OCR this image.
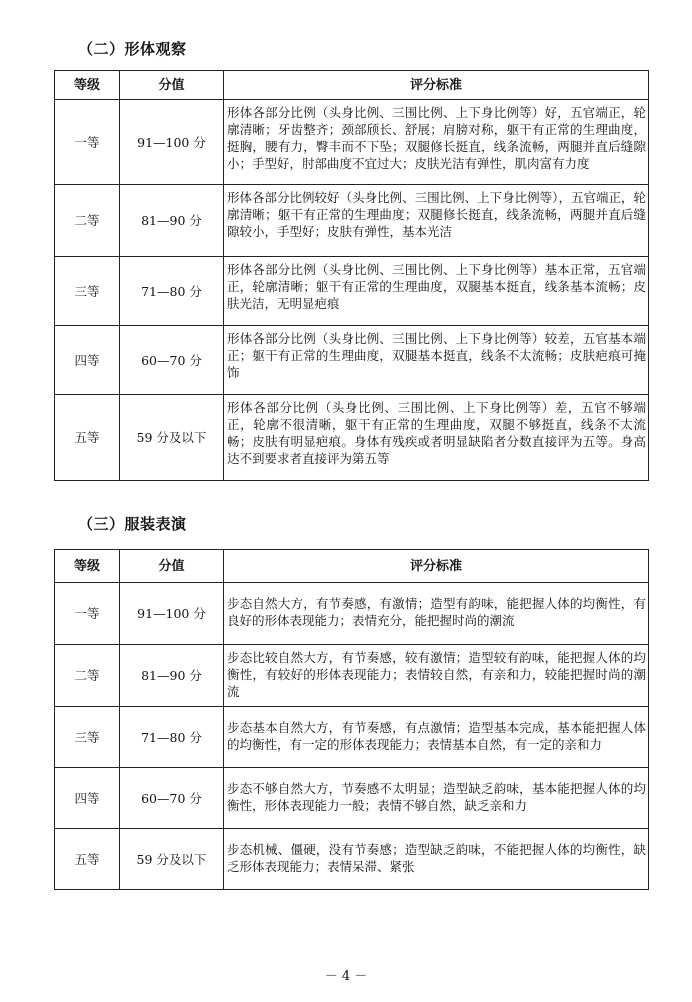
（二）形体观察
等级	分值	评分标准
一等	91—100 分	形体各部分比例（头身比例、三围比例、上下身比例等）好，五官端正，轮廓清晰；牙齿整齐；颈部颀长、舒展；肩膀对称，躯干有正常的生理曲度，挺胸，腰有力，臀丰而不下坠；双腿修长挺直，线条流畅，两腿并直后缝隙小；手型好，肘部曲度不宜过大；皮肤光洁有弹性，肌肉富有力度
二等	81—90 分	形体各部分比例较好（头身比例、三围比例、上下身比例等），五官端正，轮廓清晰；躯干有正常的生理曲度；双腿修长挺直，线条流畅，两腿并直后缝隙较小，手型好；皮肤有弹性，基本光洁
三等	71—80 分	形体各部分比例（头身比例、三围比例、上下身比例等）基本正常，五官端正，轮廓清晰；躯干有正常的生理曲度，双腿基本挺直，线条基本流畅；皮肤光洁，无明显疤痕
四等	60—70 分	形体各部分比例（头身比例、三围比例、上下身比例等）较差，五官基本端正；躯干有正常的生理曲度，双腿基本挺直，线条不太流畅；皮肤疤痕可掩饰
五等	59 分及以下	形体各部分比例（头身比例、三围比例、上下身比例等）差，五官不够端正，轮廓不很清晰，躯干有正常的生理曲度，双腿不够挺直，线条不太流畅；皮肤有明显疤痕。身体有残疾或者明显缺陷者分数直接评为五等。身高达不到要求者直接评为第五等
（三）服装表演
等级	分值	评分标准
一等	91—100 分	步态自然大方，有节奏感，有激情；造型有韵味，能把握人体的均衡性，有良好的形体表现能力；表情充分，能把握时尚的潮流
二等	81—90 分	步态比较自然大方，有节奏感，较有激情；造型较有韵味，能把握人体的均衡性，有较好的形体表现能力；表情较自然，有亲和力，较能把握时尚的潮流
三等	71—80 分	步态基本自然大方，有节奏感，有点激情；造型基本完成，基本能把握人体的均衡性，有一定的形体表现能力；表情基本自然，有一定的亲和力
四等	60—70 分	步态不够自然大方，节奏感不太明显；造型缺乏韵味，基本能把握人体的均衡性，形体表现能力一般；表情不够自然，缺乏亲和力
五等	59 分及以下	步态机械、僵硬，没有节奏感；造型缺乏韵味，不能把握人体的均衡性，缺乏形体表现能力；表情呆滞、紧张
－ 4 －
